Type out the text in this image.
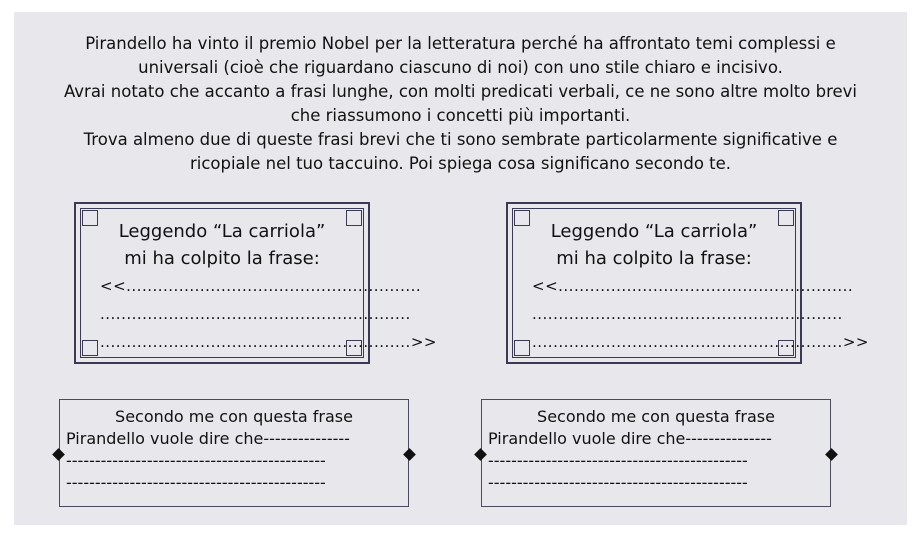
Pirandello ha vinto il premio Nobel per la letteratura perché ha affrontato temi complessi e
universali (cioè che riguardano ciascuno di noi) con uno stile chiaro e incisivo.
Avrai notato che accanto a frasi lunghe, con molti predicati verbali, ce ne sono altre molto brevi
che riassumono i concetti più importanti.
Trova almeno due di queste frasi brevi che ti sono sembrate particolarmente significative e
ricopiale nel tuo taccuino. Poi spiega cosa significano secondo te.
Leggendo “La carriola”
mi ha colpito la frase:
<<........................................................
...........................................................
...........................................................>>
Leggendo “La carriola”
mi ha colpito la frase:
<<........................................................
...........................................................
...........................................................>>
Secondo me con questa frase
Pirandello vuole dire che---------------
---------------------------------------------
---------------------------------------------
Secondo me con questa frase
Pirandello vuole dire che---------------
---------------------------------------------
---------------------------------------------
